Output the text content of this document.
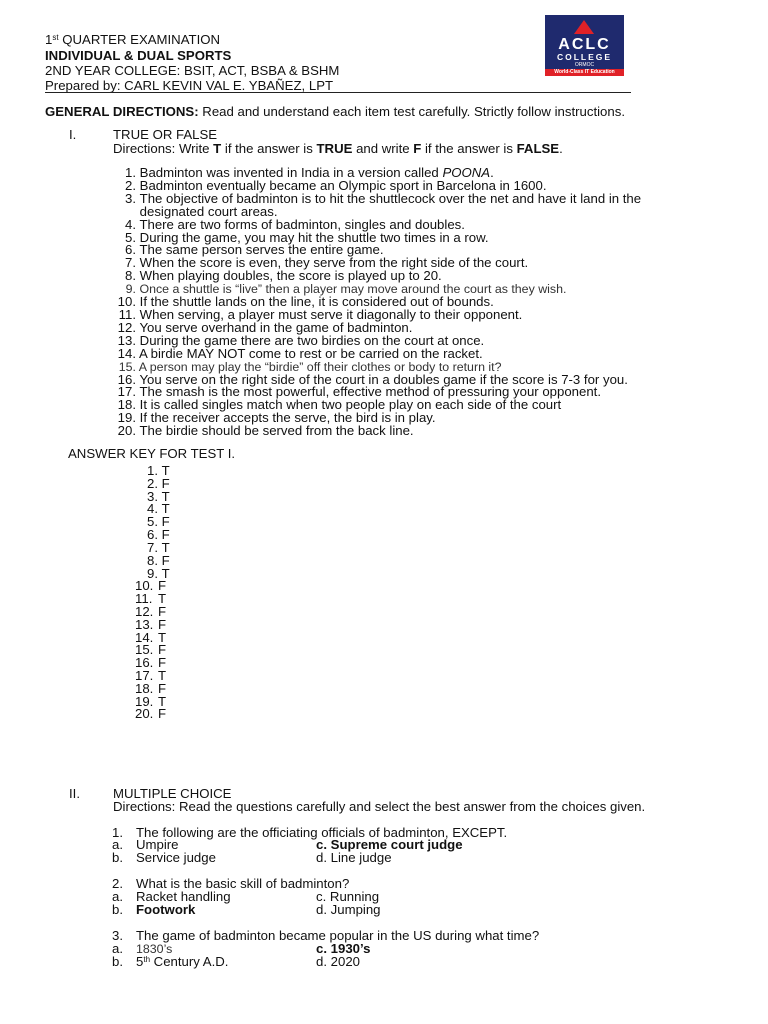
1st QUARTER EXAMINATION
INDIVIDUAL & DUAL SPORTS
2ND YEAR COLLEGE: BSIT, ACT, BSBA & BSHM
Prepared by: CARL KEVIN VAL E. YBAÑEZ, LPT
ACLC
COLLEGE
ORMOC
World-Class IT Education
GENERAL DIRECTIONS: Read and understand each item test carefully. Strictly follow instructions.
I.	TRUE OR FALSE
Directions: Write T if the answer is TRUE and write F if the answer is FALSE.
1. Badminton was invented in India in a version called POONA.
2. Badminton eventually became an Olympic sport in Barcelona in 1600.
3. The objective of badminton is to hit the shuttlecock over the net and have it land in the designated court areas.
4. There are two forms of badminton, singles and doubles.
5. During the game, you may hit the shuttle two times in a row.
6. The same person serves the entire game.
7. When the score is even, they serve from the right side of the court.
8. When playing doubles, the score is played up to 20.
9. Once a shuttle is “live” then a player may move around the court as they wish.
10. If the shuttle lands on the line, it is considered out of bounds.
11. When serving, a player must serve it diagonally to their opponent.
12. You serve overhand in the game of badminton.
13. During the game there are two birdies on the court at once.
14. A birdie MAY NOT come to rest or be carried on the racket.
15. A person may play the “birdie” off their clothes or body to return it?
16. You serve on the right side of the court in a doubles game if the score is 7-3 for you.
17. The smash is the most powerful, effective method of pressuring your opponent.
18. It is called singles match when two people play on each side of the court
19. If the receiver accepts the serve, the bird is in play.
20. The birdie should be served from the back line.
ANSWER KEY FOR TEST I.
1. T
2. F
3. T
4. T
5. F
6. F
7. T
8. F
9. T
10. F
11. T
12. F
13. F
14. T
15. F
16. F
17. T
18. F
19. T
20. F
II.	MULTIPLE CHOICE
Directions: Read the questions carefully and select the best answer from the choices given.
1. The following are the officiating officials of badminton, EXCEPT.
a. Umpire	c. Supreme court judge
b. Service judge	d. Line judge
2. What is the basic skill of badminton?
a. Racket handling	c. Running
b. Footwork	d. Jumping
3. The game of badminton became popular in the US during what time?
a. 1830’s	c. 1930’s
b. 5th Century A.D.	d. 2020
